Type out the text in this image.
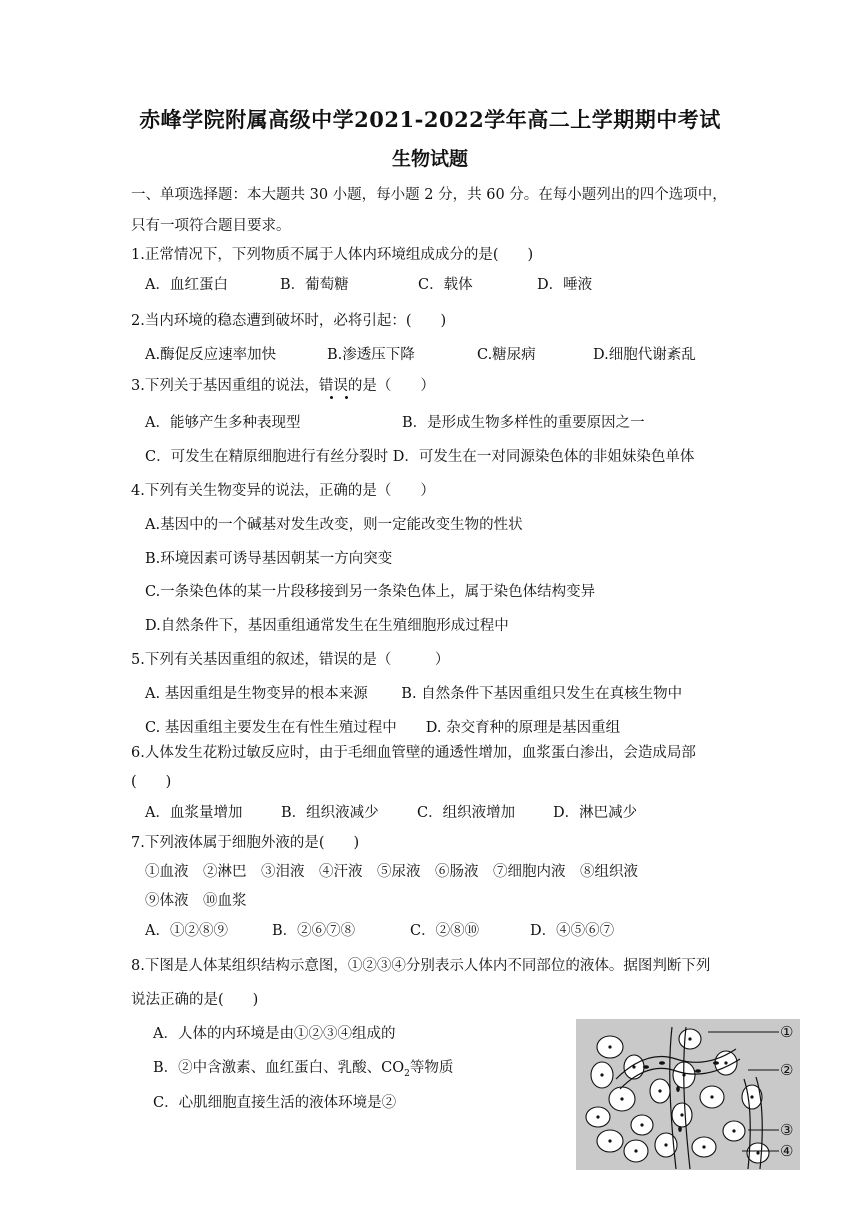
赤峰学院附属高级中学2021-2022学年高二上学期期中考试
生物试题
一、单项选择题：本大题共 30 小题，每小题 2 分，共 60 分。在每小题列出的四个选项中，
只有一项符合题目要求。
1.正常情况下，下列物质不属于人体内环境组成成分的是(　　)
A．血红蛋白	B．葡萄糖	C．载体	D．唾液
2.当内环境的稳态遭到破坏时，必将引起：(　　)
A.酶促反应速率加快	B.渗透压下降	C.糖尿病	D.细胞代谢紊乱
3.下列关于基因重组的说法，错误的是（　　）
A．能够产生多种表现型　　　　　　　B．是形成生物多样性的重要原因之一
C．可发生在精原细胞进行有丝分裂时 D．可发生在一对同源染色体的非姐妹染色单体
4.下列有关生物变异的说法，正确的是（　　）
A.基因中的一个碱基对发生改变，则一定能改变生物的性状
B.环境因素可诱导基因朝某一方向突变
C.一条染色体的某一片段移接到另一条染色体上，属于染色体结构变异
D.自然条件下，基因重组通常发生在生殖细胞形成过程中
5.下列有关基因重组的叙述，错误的是（　　　）
A. 基因重组是生物变异的根本来源　　 B. 自然条件下基因重组只发生在真核生物中
C. 基因重组主要发生在有性生殖过程中　　D. 杂交育种的原理是基因重组
6.人体发生花粉过敏反应时，由于毛细血管壁的通透性增加，血浆蛋白渗出，会造成局部
(　　)
A．血浆量增加	B．组织液减少	C．组织液增加	D．淋巴减少
7.下列液体属于细胞外液的是(　　)
①血液　②淋巴　③泪液　④汗液　⑤尿液　⑥肠液　⑦细胞内液　⑧组织液
⑨体液　⑩血浆
A．①②⑧⑨	B．②⑥⑦⑧	C．②⑧⑩	D．④⑤⑥⑦
8.下图是人体某组织结构示意图，①②③④分别表示人体内不同部位的液体。据图判断下列
说法正确的是(　　)
A．人体的内环境是由①②③④组成的
B．②中含激素、血红蛋白、乳酸、$CO_2$等物质
C．心肌细胞直接生活的液体环境是②
①
②
③
④
